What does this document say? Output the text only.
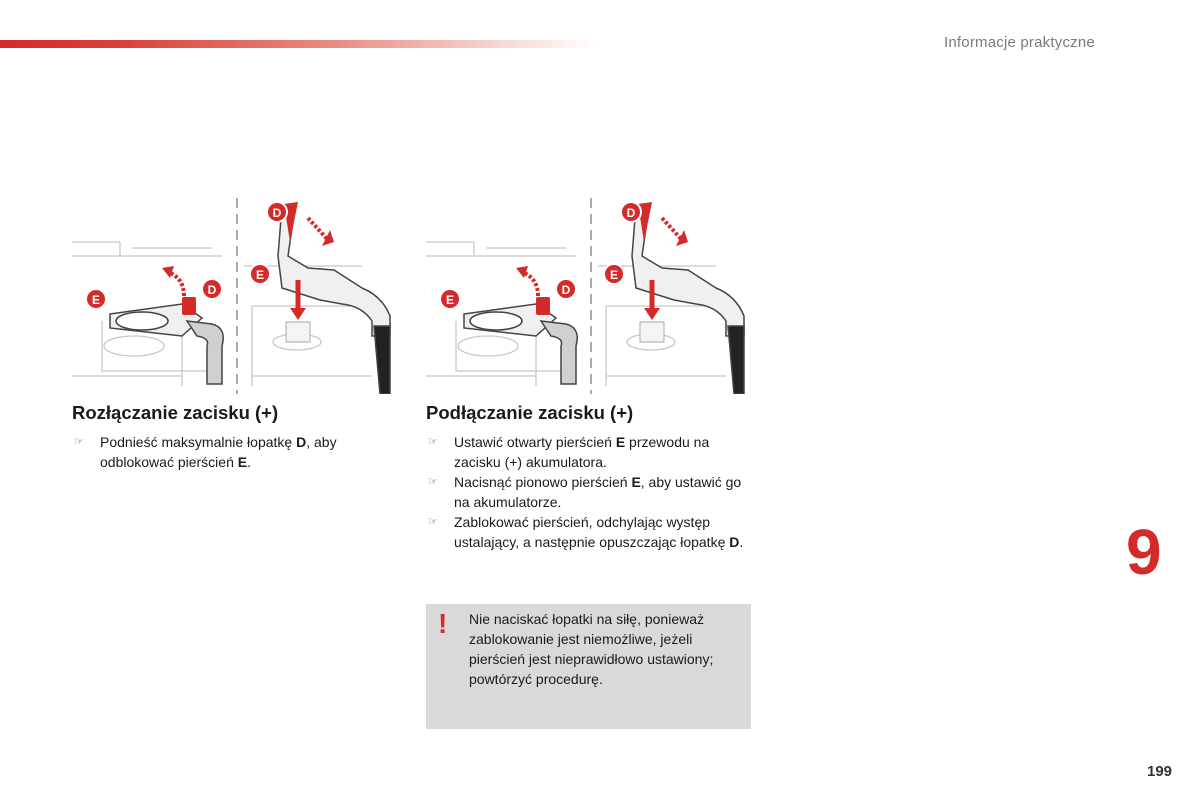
Informacje praktyczne
E
D
D
E
E
D
D
E
Rozłączanie zacisku (+)
☞ Podnieść maksymalnie łopatkę D, aby odblokować pierścień E.
Podłączanie zacisku (+)
☞ Ustawić otwarty pierścień E przewodu na zacisku (+) akumulatora.
☞ Nacisnąć pionowo pierścień E, aby ustawić go na akumulatorze.
☞ Zablokować pierścień, odchylając występ ustalający, a następnie opuszczając łopatkę D.
! Nie naciskać łopatki na siłę, ponieważ zablokowanie jest niemożliwe, jeżeli pierścień jest nieprawidłowo ustawiony; powtórzyć procedurę.
9
199
